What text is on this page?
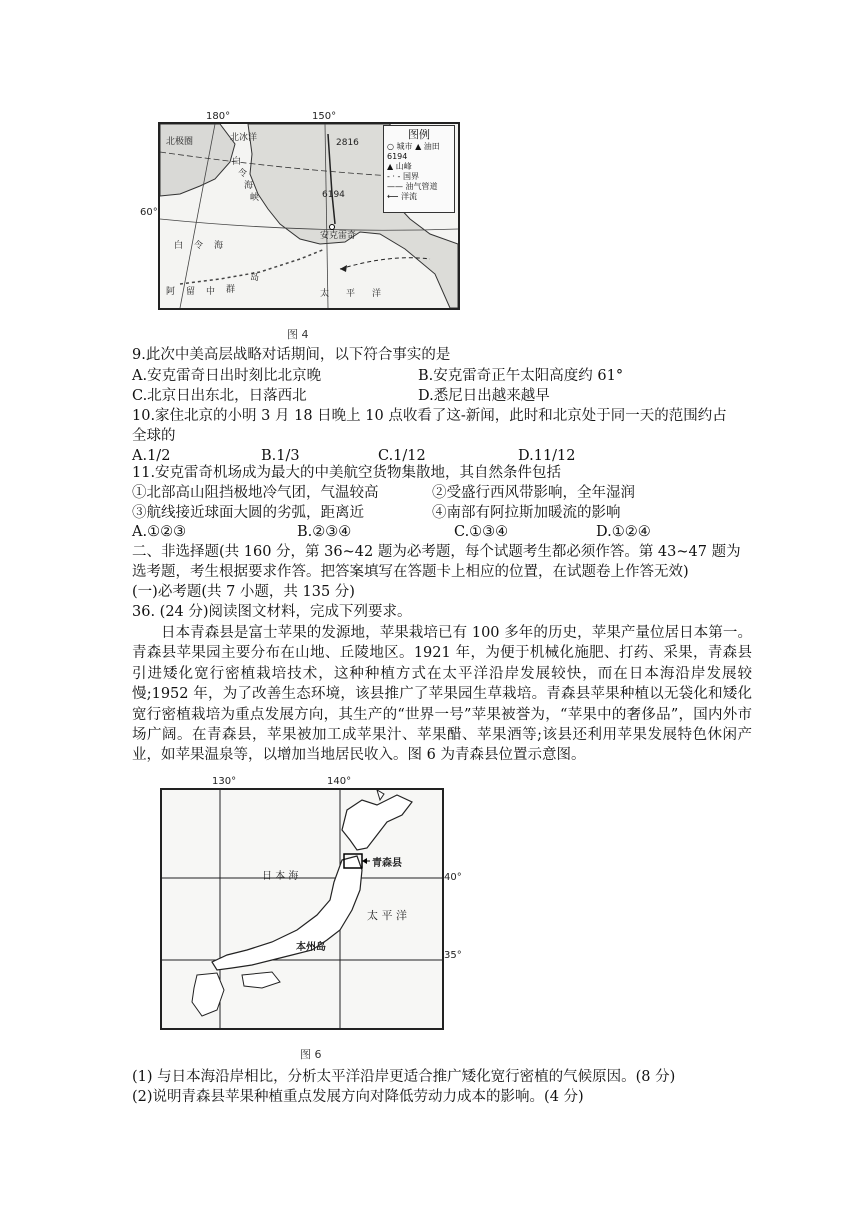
180°	150°
60°
北极圈	北冰洋	2816
6194
安克雷奇
白
令
海
峡
白 令 海
阿 留 中 群
岛
太 平 洋
图例
○ 城市 ▲ 油田
6194
▲ 山峰
- · - 国界
—— 油气管道
⟵ 洋流
图 4
9.此次中美高层战略对话期间，以下符合事实的是
A.安克雷奇日出时刻比北京晚	B.安克雷奇正午太阳高度约 61°
C.北京日出东北，日落西北	D.悉尼日出越来越早
10.家住北京的小明 3 月 18 日晚上 10 点收看了这-新闻，此时和北京处于同一天的范围约占
全球的
A.1/2	B.1/3	C.1/12	D.11/12
11.安克雷奇机场成为最大的中美航空货物集散地，其自然条件包括
①北部高山阻挡极地冷气团，气温较高	②受盛行西风带影响，全年湿润
③航线接近球面大圆的劣弧，距离近	④南部有阿拉斯加暖流的影响
A.①②③	B.②③④	C.①③④	D.①②④
二、非选择题(共 160 分，第 36~42 题为必考题，每个试题考生都必须作答。第 43~47 题为
选考题，考生根据要求作答。把答案填写在答题卡上相应的位置，在试题卷上作答无效)
(一)必考题(共 7 小题，共 135 分)
36. (24 分)阅读图文材料，完成下列要求。
日本青森县是富士苹果的发源地，苹果栽培已有 100 多年的历史，苹果产量位居日本第一。青森县苹果园主要分布在山地、丘陵地区。1921 年，为便于机械化施肥、打药、采果，青森县引进矮化宽行密植栽培技术，这种种植方式在太平洋沿岸发展较快，而在日本海沿岸发展较慢;1952 年，为了改善生态环境，该县推广了苹果园生草栽培。青森县苹果种植以无袋化和矮化宽行密植栽培为重点发展方向，其生产的“世界一号”苹果被誉为，“苹果中的奢侈品”，国内外市场广阔。在青森县，苹果被加工成苹果汁、苹果醋、苹果酒等;该县还利用苹果发展特色休闲产业，如苹果温泉等，以增加当地居民收入。图 6 为青森县位置示意图。
130°	140°
40°
35°
日 本 海
青森县
太 平 洋
本州岛
图 6
(1) 与日本海沿岸相比，分析太平洋沿岸更适合推广矮化宽行密植的气候原因。(8 分)
(2)说明青森县苹果种植重点发展方向对降低劳动力成本的影响。(4 分)
